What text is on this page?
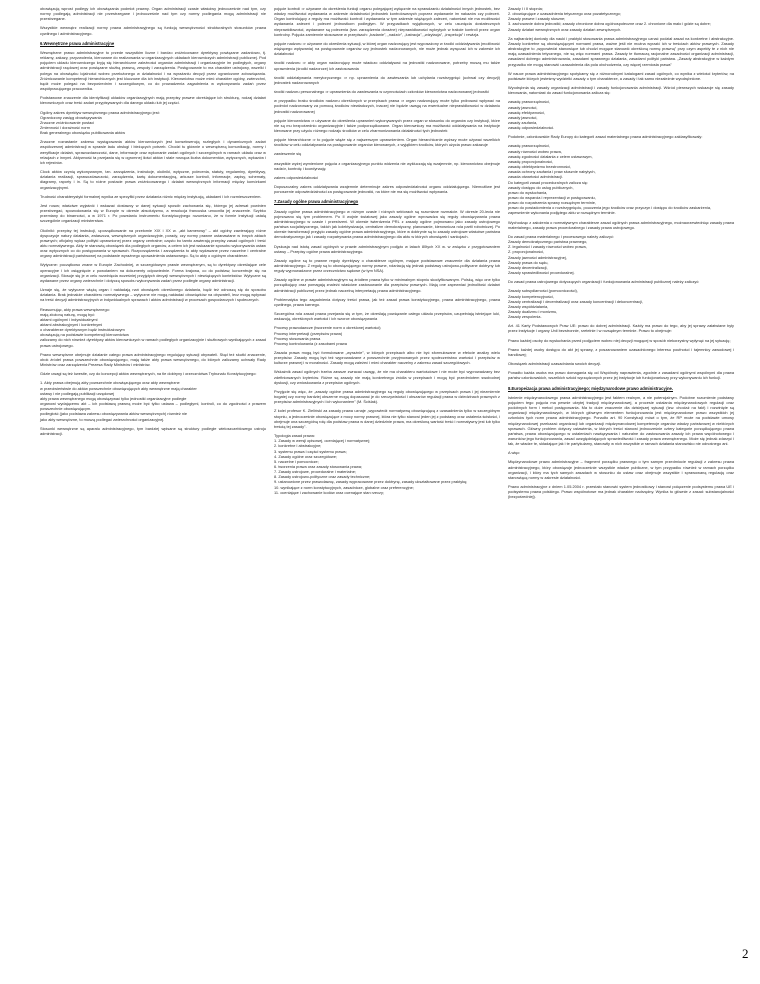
obowiązują wprost podlegy ich obowiązania podmiot prawny. Organ administracji czasie właściwy jednocześnie nad tym, czy normy podlegają administracji nie przestrzegane i jednocześnie nad tym czy normy podlegania mogą administracji nie przestrzegane.

Wszystkie wewnątrz realizacji normy prawa administracyjnego są funkcją wewnętrzności strukturalnych stosunków prawa cywilnego i administracyjnego.

6.Wewnętrzne prawa administracyjne

Wewnętrzne prawo administracyjne to przede wszystkim liczne i bardzo zróżnicowane dyrektywy powiązane zadaniowo, tj. reklamy, zakazy, przyzwolenia, kierowane do realizowania w organizacyjnych układach kierowniczych administracji publicznej. Pod pojęciem układu kierowniczego kryją się hierarchiczne zależności organów administracji i organizacyjnie im podległych, organy administracji rządowej oraz powiązane służbą prawną, zespoły i zarządzenia. Postępowanie to ma charakter ustrojowy, wszelki i polega na obowiązku lojalności wobec przełożonego w działalności i na wyrażaniu decyzji przez ograniczone zobowiązania. Zróżnicowanie kompetencji hierarchicznych jest kluczowe dla ich instytucji. Kierownictwo może mieć charakter ogólny, zwierzchni, bądź może polegać na bezpośrednim i szczegółowym, co do prowadzenia zagadnienia w wykonywaniu zadań przez współpracującego pracownika.

Podstawowe znaczenie dla identyfikacji układów organizacyjnych mają przepisy prawne określające ich strukturę, rodzaj działań kierowniczych oraz treść zadań przypisywanych dla danego układu lub jej części.

Ogólny zakres dyrektyw wewnętrznego prawa administracyjnego jest:
Ograniczony zasięg obowiązywania
Znaczne zróżnicowanie postaci
Zmienność i doraźność norm
Brak generalnego obowiązku publikowania aktów

Znaczne rozrastanie zakresu wystąpowania aktów kierowniczych jest konsekwencją rozległych i dynamicznych zadań współczesnej administracji w sprawie ładu obsługi i bieżących potrzeb. Chodzi tu głównie o wewnętrzną komunikację, normy i weryfikacje działań, sprawozdawczość, dane, informacje oraz wykonanie zadań ogólnych i szczególnych w ramach układu oraz w relacjach z innymi. Aktywność ta przejawia się w ogromnej ilości aktów i stale rosnąca liczba dokumentów, wytycznych, wykazów i ich rejestrów.

Clock aktów czynią wykonywanym, tzn. zarządzenia, instrukcje, okólniki, wytyczne, polecenia, statuty, regulaminy, dyrektywy, działania realizacji, sprawozdawczość, zarządzenia, kartę dokumentacyjną, arkusze kontroli, informacje, zapisy, schematy, diagramy, raporty i in. Są to różne postacie prawa zróżnicowanego i działań wewnętrznych informacji między komórkami organizacyjnymi.

Trudność charakterystyki formalnej wynika ze specyfiki przez działania różnic między instytucją, układami i ich rozmieszczeniem.

Jest nowa; właściwe wyjaśnić i wskazać dostawcy w danej sytuacji sposób zachowania się, którego jej adresat powinien przestrzegać, spowodowania się w Europie w okresie absolutyzmu, a rewolucja francuska umocniła jej znaczenie. Szybko przemiany do binarności, a w 1971 r. Po powstaniu instrumentu Konstytucyjnego rozumiano, że w formie instytucji ustalą szczególnie organizacji ministerstwa.

Okólniki: przepisy tej instrukcji, uporządkowanie na przełomie XIX i XX w. „akt kamerowy" – akt ogólny zawierający różne dyspozycje natury działania, zwłaszcza, wewnętrznych organizacyjnie, porady, czy normy prawne ustanawiane w innych aktach prawnych; oficjalny wykaz polityki uprawnionej przez organy centralne; często bo tamto zawierają przepisy zasad ogólnych i treść aktu normatywnego. Akty te stanowią obowiązek dla podległych organów, a celem ich jest wskazanie sposobu wykonywania ustaw oraz wytycznych co do postępowania w sprawach. Rozporządzenia i zarządzenia to akty wydawane przez naczelne i centralne organy administracji państwowej na podstawie wyraźnego upoważnienia ustawowego. Są to akty o ogólnym charakterze.

Wytyczne: początkowo znane w Europie Zachodniej, w szczegółowym prawie wewnętrznym, są to dyrektywy określające cele operacyjne i ich osiągnięcie z powołaniem na dokumenty odpowiednie. Forma krajowa, co do podstaw, koncentruje się na organizacji. Stosuje się je w celu rozwinięcia wcześniej przyjętych decyzji wewnętrznych i niewiążących kontekstów. Wytyczne są wydawane przez organy zwierzchnie i dotyczą sposobu wykonywania zadań przez podległe organy administracji.

Uznaje się, że wytyczne wiążą organ i nakładają nań obowiązek określonego działania, bądź też odnoszą się do sposobu działania. Brak jednakże charakteru normatywnego – wytyczne nie mogą nakładać obowiązków na obywateli, lecz mogą wpływać na treść decyzji administracyjnych w indywidualnych sprawach i aktów administracji w procesach gospodarczych i społecznych.

Reasumując, akty prawa wewnętrznego:
mają złożoną naturę, mogą być:
aktami ogólnymi i indywidualnymi
aktami abstrakcyjnymi i konkretnymi
o charakterze dyrektywnym bądź instruktażowym
obowiązują na podstawie kompetencji kierownictwa
zaliczamy do nich również dyrektywy aktów kierowniczych w ramach podległych organizacyjnie i służbowych wynikających z zasad prawa ustrojowego.

Prawo wewnętrzne obejmuje działanie całego prawa administracyjnego regulujący sytuacji obywateli. Stąd też skutki znaczenie, obok źródeł prawa powszechnie obowiązującego, mają także akty prawa wewnętrznego, do których zaliczamy uchwały Rady Ministrów oraz zarządzenia Prezesa Rady Ministrów i ministrów.

Gdzie uwagi są też kwestie, czy do koncepcji aktów wewnętrznych, na tle doktryny i orzecznictwa Trybunału Konstytucyjnego:

1. Akty prawa obejmują akty powszechnie obowiązującego oraz akty wewnętrzne
w przeciwieństwie do aktów powszechnie obowiązujących akty wewnętrzne mają charakter
ustawy i nie podlegają publikacji urzędowej
akty prawa wewnętrznego mogą obowiązywać tylko jednostki organizacyjne podległe
organowi wydającemu akt – ich podstawą prawną może być tylko ustawa – podległymi, kontroli, co do zgodności z prawem powszechnie obowiązującym.
podległość (jako podstawa zakresu obowiązywania aktów wewnętrznych) również nie
jako akty wewnętrzne, to muszą podlegać zwierzchności organizacyjnej.

Stosunki wewnętrzne są aparatu administracyjnego, tym bardziej wpisane są struktury podległe wieloszczeblowego ustroju administracji.

pojęcie kontroli ⇒ używane do określenia funkcji organu polegającej wyłącznie na sprawdzaniu działalności innych jednostek, bez władzy możliwości wydawania w zakresie działalności jednostek kontrolowanych poprzez wydawanie im nakazów czy poleceń. Organ kontrolujący z reguły ma możliwość kontroli i wydawania w tym zakresie wiążących zaleceń, natomiast nie ma możliwości wydawania zaleceń i poleceń jednostkom podległym. W przypadkach wyjątkowych, w celu usunięcia dostatecznych nieprawidłowości, wydawane są polecenia (tzw. zarządzenia doraźne) nieprawidłowości wykrytych w trakcie kontroli przez organ kontrolny. Pojęcia zamiennie stosowane w przepisach: „badanie", „nadzór", „lustracja", „wizytacja", „inspekcja" i rewizja.

pojęcie nadzoru ⇒ używane do określenia sytuacji, w której organ nadzorujący jest wyposażony w środki oddziaływania (możliwość wiążącego wpływania) na postępowanie organów czy jednostek nadzorowanych, nie może jednak wyręczać ich w zakresie ich działalności

środki nadzoru ⇒ akty organ nadzorujący może władczo oddziaływać na jednostki nadzorowane, potrzeby muszą mu także uprawnienia (środki nadzorcze) ich zastosowania

środki oddziaływania merytorycznego ⇒ np. uprawnienia do zawieszania lub uchylania rozstrzygnięć (uchwał czy decyzji) jednostek nadzorowanych

środki nadzoru personalnego ⇒ uprawnienia do zawieszania w czynnościach członków kierownictwa nadzorowanej jednostki

w przypadku braku środków nadzoru określonych w przepisach prawa ⇒ organ nadzorujący może tylko próbować wpływać na podmiot nadzorowany za pomocą środków niewładczych, inaczej nie będzie uwagą na ewentualne nieprawidłowości w działaniu jednostki nadzorowanej

pojęcie kierownictwa ⇒ używane do określenia uprawnień wykonywanych przez organ w stosunku do organów czy instytucji, które nie są mu bezpośrednio organizacyjnie i także podporządkowane. Organ kierowniczy ma możliwość oddziaływania na instytucje kierowane przy użyciu różnego rodzaju środków w celu zharmonizowania działalności tych jednostek

pojęcie hierarchiczne ⇒ to pojęcie wiąże się z najszerszym uprawnieniem. Organ hierarchicznie wyższy może używać wszelkich środków w celu oddziaływania na postępowanie organów kierowanych, z wyjątkiem środków, których użycia prawo zakazuje

zawieszenie się

wszystkie wyżej wymienione pojęcia z organizacyjnego punktu widzenia nie wykluczają się wzajemnie, np. kierownictwo obejmuje nadzór, kontrolę i koordynację

zakres odpowiedzialności

Dopuszczalny zakres oddziaływania wzajemnie determinuje zakres odpowiedzialności organu oddziałującego. Niemożliwe jest ponoszenie odpowiedzialności za postępowanie jednostki, na które nie ma się możliwości wpływania.

7.Zasady ogólne prawa administracyjnego

Zasady ogólne prawa administracyjnego w różnym czasie i różnych sektorach są rozumiane rozmaicie. W okresie 20-lecia nie pojmowano się tym problemem. Po II wojnie światowej jako zasady ogólne wprowadza się reguły obowiązywania prawa administracyjnego w czasie i przestrzeni. W okresie twierdzenia PRL z zasady ogólne pojmowano jako zasady ustrojowego państwa socjalistycznego, takich jak kolektywizacja, centralizm demokratyczny, planowanie, kierownicza rola partii robotniczej. Po okresie transformacji przyjęto zasady ogólne prawa administracyjnego, które w doktrynie są to zasady ustrojowe właściwe państwa demokratycznego jak i zasady rozpatrywania prawa administracyjnego dla aktu w których obowiązek i sankcjach.

Dyskusja nad istotą zasad ogólnych w prawie administracyjnym podjęto w latach 80tych XX w. w związku z przygotowaniem ustawy – Przepisy ogólne prawa administracyjnego.

Zasady ogólne są to prawne reguły dyrektywy o charakterze ogólnym, mające podstawowe znaczenie dla działania prawa administracyjnego. Z reguły są to obowiązującego normy prawne, rolariacją się jednak podstawy ustrojowo-polityczne doktryny lub reguły wyprowadzone przez orzecznictwo sądowe (w tym NSA).

Zasady ogólne w prawie administracyjnym są źródłem prawa tylko w minimalnym stopniu skodyfikowanym. Polską, więc one tylko porządkujący oraz pomagają znaleźć właściwe zastosowanie dla przepisów prawnych. Mają one zapewniać jednolitość działań administracji publicznej przez jednak naczelną interpretację prawa administracyjnego.

Problematyka tego zagadnienia dotyczy treści prawa, jak też zasad prawa konstytucyjnego, prawa administracyjnego, prawa cywilnego, prawa karnego.

Szczególna rola zasad prawa przejawia się w tym, że określają powiązanie całego układu przepisów, uzupełniają istniejące luki, wskazują, określonych wartości i ich wzorce obowiązywania

Procesy prawodawcze (tworzenie norm o określonej wartości)
Procesy interpretacji (przepisów prawa)
Procesy stosowania prawa
Procesy kontrolowania (z zasobami prawa

Zasada prawa mogą być formułowane „wyraźnie", w których przepisach albo nie być sformułowane w efekcie analizy wielu przepisów. Zasady mogą być też wyprowadzane z powszechnie przyjmowanych przez społeczeństwo wartości i przepisów w kulturze prawnej i w moralności. Zasady mogą zależeć i mieć charakter naczelny z zakresu zasad szczegółowych.

Wskaźnik zasad ogólnych trzeba zawsze zwracać uwagę, że nie ma charakteru wartościowe i nie może być wyprowadzany bez zdefiniowanych kryteriów. Różne są zasady nie mają konkretnego źródła w przepisach i mogą być przedmiotem swobodnej dyskusji, czy wnioskowania z przepisów ogólnych.

Przyjęcie się więc, że „zasady ogólne prawa administracyjnego są reguły obowiązującego w przepisach prawa i jej niezmiernie bogatej czy normy bardziej obszerne mogą dopasować je do rzeczywistości i obszarów regulacji prawa w dziedzinach prawnych z przepisów administracyjnych i ich wykonaniem" (M. Ściślak).

Z kolei profesor K. Zieliński za zasady prawa uznaje „wypowiedź normatywną obowiązującą z uzasadnienia tylko w szczególnym stopniu, a jednocześnie obowiązujące z mocy normy prawnej, która nie tylko stanowi jeden jej z podstawy oraz ustalenia ścisłości, i obejmuje ona szczególną rolę dla podstaw prawa w danej dziedzinie prawa, ma określoną wartość treść i normatywny jest lub tylko treścią tej zasady".

Typologia zasad prawa:
1. Zasady w wersji opisowej, oceniającej i normatywnej;
2. konkretne i abstrakcyjne;
3. systemu prawa i części systemu prawa;
4. Zasady ogólne oraz szczegółowe;
5. naczelne i pomocnicze;
6. tworzenia prawa oraz zasady stosowania prawa;
7. Zasady ustrojowe, proceduralne i materialne;
8. Zasady ustrojowo-polityczne oraz zasady techniczne;
9. ustanowione przez prawodawcę, zasady wypracowane przez doktrynę, zasady ukształtowane przez praktykę;
10. wynikające z norm konstytucyjnych, zasadnicze, globalne oraz preferencyjne;
11. oceniające i zachowanie kodów oraz ocenające stan rzeczy;

Zasady I i II stopnia;
2. obowiązujące z uzasadnienia tetycznego oraz pozatetycznego;
Zasady prawne i zasady słuszne;
3. zachowanie dobra jednostki; zasady chronione dobra ogólnospołeczne oraz 2. chronione dla mało i gdzie są dobre;
Zasady działań wewnętrznych oraz zasady działań zewnętrznych.

Za najbardziej doniosły dla nauki i praktyki stosowania prawa administracyjnego uznać podział zasad na konkretne i abstrakcyjne. Zasady konkretne są obowiązującymi normami prawa, ważne jeśli nie można wyrazić ich w treściach aktów prawnych. Zasady abstrakcyjne to „wypowiedzi stanowiące lub chodzi mogące stanowić określoną normę prawną" przy czym aspekty te z nich nie mają uzasadnienia tetycznego, nie są więc normami prawa. Zasady te tłumaczą racjonalne zasadności organizacji administracji, zasadami dobrego administrowania, zasadami sprawnego działania, zasadami polityki państwa. „Zasady abstrakcyjne w każdym przypadku nie mogą stanowić uzasadnienia dla pola obchodzenia, czy więcej rzemiosła prawa"

W nauce prawa administracyjnego spotykamy się z różnorodnymi katalogami zasad ogólnych, co wynika z wielości kryteriów, na podstawie których jesteśmy wydzielić zasady o tym charakterze, a zasady i tak samo niezależnie wyodrębnione.

Wyodrębnia się zasady organizacji administracji i zasady funkcjonowania administracji. Wśród pierwszych wskazuje się zasady kierowania, natomiast do zasad funkcjonowania zalicza się:

zasadę praworządności,
zasady jawności,
zasadę efektywności,
zasady jawności,
zasady zaufania,
zasadę odpowiedzialności.

Podobnie, członkowskie Rady Europy do kategorii zasad materialnego prawa administracyjnego zaklasyfikowały:

zasadę praworządności,
zasady równości wobec prawa,
zasadę zgodności działania z celem ustawowym,
zasadę proporcjonalności,
zasadę obiektywizmu bezstronności,
zasada ochrony zaufania i praw słusznie nabytych,
zasada otwartości administracji.
Do kategorii zasad proceduralnych zalicza się:
zasady dostępu do usług publicznych,
prawo do wysłuchania,
prawo do wsparcia i reprezentacji w postępowaniu,
prawo do rozpatrzenia sprawy rozsądnym terminie,
prawo do powiadomienia o rozstrzygnięciu, pouczenia jego środków oraz przyczyn i dostępu do środków zaskarżenia,
zapewnienie wykonania podjętego aktu w rozsądnym terminie.

Wychodząc z założenia o normatywnym charakterze zasad ogólnych prawa administracyjnego, możnaorzewiedniąc zasady prawa materialnego, zasady prawa proceduralnego i zasady prawa ustrojowego.

Do zasad prawa materialnego i procesowego należy zaliczyć:
Zasady demokratycznego państwa prawnego,
Z. legalności i zasady równości wobec prawa,
Z. proporcjonalności,
Zasady jawności administracyjnej,
Zasady prawa do sądu,
Zasady decentralizacji,
Zasady sprawiedliwości proceduralnej.

Do zasad prawa ustrojowego dotyczących organizacji i funkcjonowania administracji publicznej należy zaliczyć:

Zasady subsydiarności (pomocniczości),
Zasady kompetencyjności,
Zasady centralizacji i decentralizacji oraz zasady koncentracji i dekoncentracji,
Zasady współdziałania,
Zasady dualizmu i monizmu,
Zasady zespolenia.

Art. 41 Karty Podstawowych Praw UE: prawo do dobrej administracji. Każdy ma prawo do tego, aby jej sprawy załatwiane były przez instytucje i organy Unii bezstronnie, rzetelnie i w rozsądnym terminie. Prawo to obejmuje:

Prawo każdej osoby do wysłuchania przed podjęciem wobec niej decyzji mogącej w sposób niekorzystny wpłynąć na jej sytuację;

Prawo każdej osoby dostępu do akt jej sprawy, z poszanowaniem uzasadnionego interesu poufności i tajemnicy zawodowej i handlowej;

Obowiązek administracji uzasadniania swoich decyzji.

Ponadto każda osoba ma prawo domagania się od Wspólnoty naprawienia, zgodnie z zasadami ogólnymi wspólnymi dla prawa państw członkowskich, wszelkich szkód wyrządzonych przez jej instytucje lub funkcjonariuszy przy wykonywaniu ich funkcji.

8.Europeizacja prawa administracyjnego; międzynarodowe prawo administracyjne.

Istnienie międzynarodowego prawa administracyjnego jest faktem realnym, a nie potencjalnym. Podobne rozumienie podstawy pojęciem tego pojęcia ma pewnie ukrytej tradycji międzynarodowej, a procesie ustalania międzynarodowych regulacji oraz podobnych form i metod postępowania. Ma to duże znaczenie dla dzisiejszej sytuacji (tzw. chociaż na fakt) i rozwinięte są organizacji międzynarodowych, w których głównym elementem funkcjonowania jest międzynarodowe prawo wszystkich jej członków tych norm prawa administracyjnego. Ponadto art. 90 Konstytucji mówi o tym, że RP może na podstawie umowy międzynarodowej przekazać organizacji lub organizacji międzynarodowej kompetencje organów władzy państwowej w niektórych sprawach. Główny problem dotyczy ustawienia, w których treści stanowi jednocześnie cztery kategorie porządkującego prawa państwa, prawa obowiązującego w ustaleniach nawiązywania i naturalne do zastosowania zasady ich prawa wspólnotowego i warunków jego funkcjonowania, zasad uwzględniających sprawiedliwość i zasady prawa wewnętrznego. Może się jednak zdarzyć i tak, że władze te, składające jak i te partykularny, stanowiły w nich wszystkie w ramach działania stanowisko nie odnośnego ani.

A więc:

Międzynarodowe prawo administracyjne – fragment porządku prawnego o tym samym przedmiocie regulacji z zakresu prawa administracyjnego, który obowiązuje jednocześnie wszystkie władze publiczne, w tym przypadku również w ramach porządku organizacji, i który ma tych samych zasadach w stosunku do ustaw oraz obejmuje wszystkie i sprawowaną regulację oraz stanowiącą normy w zakresie działalności.

Prawo administracyjne z dniem 1.05.2004 r. przestało stanowić system jednostkowy i stanowi połączenie podsystemu prawa UE i podsystemu prawa polskiego. Prawo wspólnotowe ma jednak charakter nadrzędny. Wynika to głównie z zasad: substancjalności (bezpośredniej).

2
